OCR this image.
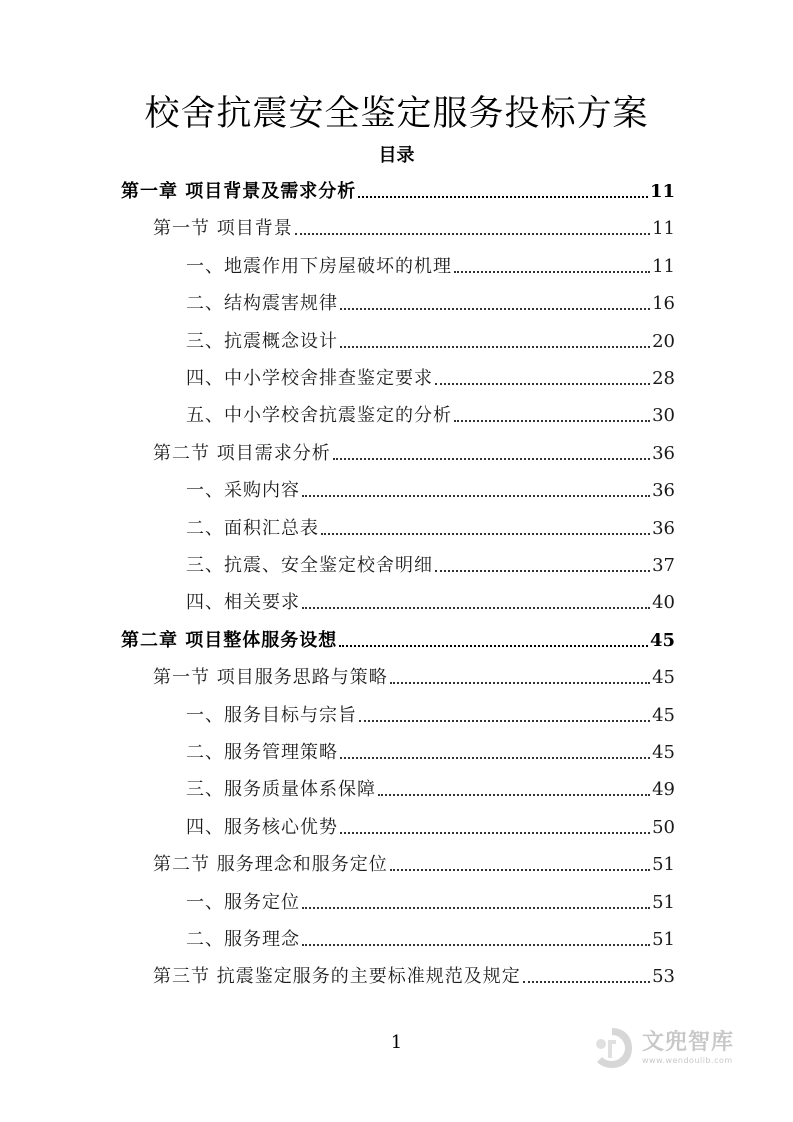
校舍抗震安全鉴定服务投标方案
目录
第一章 项目背景及需求分析	11
第一节 项目背景	11
一、地震作用下房屋破坏的机理	11
二、结构震害规律	16
三、抗震概念设计	20
四、中小学校舍排查鉴定要求	28
五、中小学校舍抗震鉴定的分析	30
第二节 项目需求分析	36
一、采购内容	36
二、面积汇总表	36
三、抗震、安全鉴定校舍明细	37
四、相关要求	40
第二章 项目整体服务设想	45
第一节 项目服务思路与策略	45
一、服务目标与宗旨	45
二、服务管理策略	45
三、服务质量体系保障	49
四、服务核心优势	50
第二节 服务理念和服务定位	51
一、服务定位	51
二、服务理念	51
第三节 抗震鉴定服务的主要标准规范及规定	53
1	文兜智库
www.wendoulib.com
